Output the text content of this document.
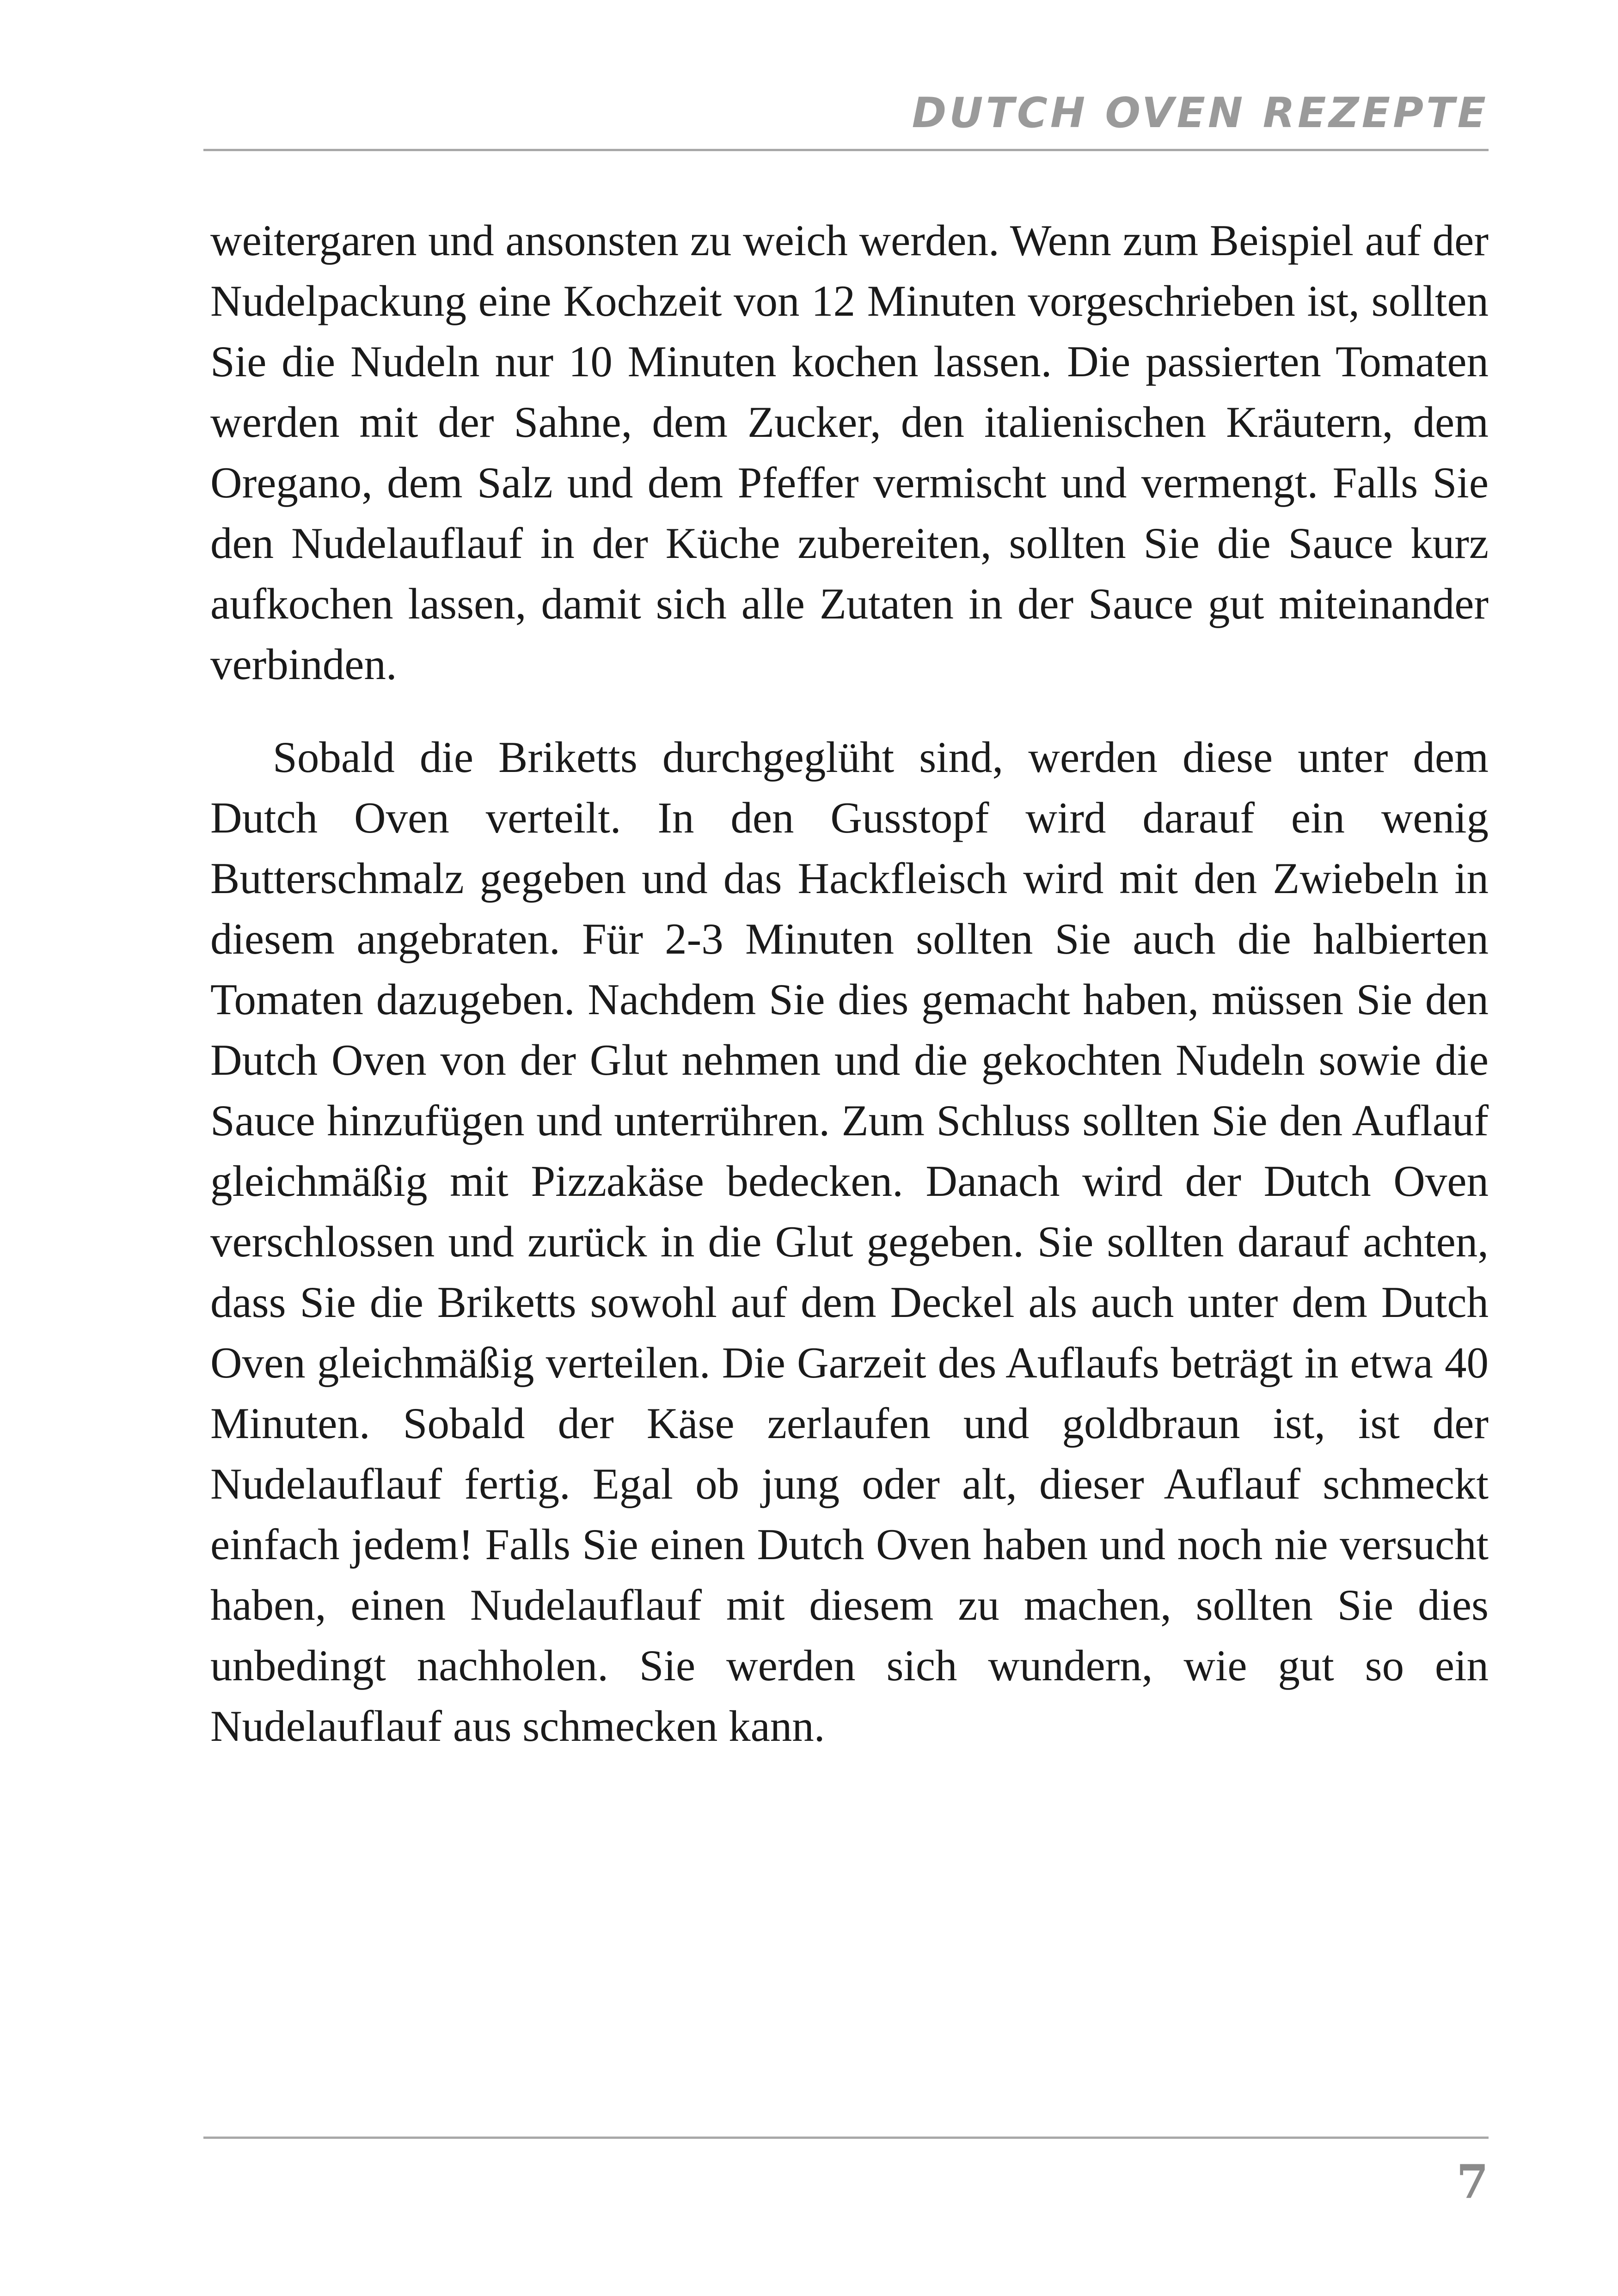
DUTCH OVEN REZEPTE

weitergaren und ansonsten zu weich werden. Wenn zum Beispiel auf der Nudelpackung eine Kochzeit von 12 Minuten vorgeschrieben ist, sollten Sie die Nudeln nur 10 Minuten kochen lassen. Die passierten Tomaten werden mit der Sahne, dem Zucker, den italienischen Kräutern, dem Oregano, dem Salz und dem Pfeffer vermischt und vermengt. Falls Sie den Nudelauflauf in der Küche zubereiten, sollten Sie die Sauce kurz aufkochen lassen, damit sich alle Zutaten in der Sauce gut miteinander verbinden.

Sobald die Briketts durchgeglüht sind, werden diese unter dem Dutch Oven verteilt. In den Gusstopf wird darauf ein wenig Butterschmalz gegeben und das Hackfleisch wird mit den Zwiebeln in diesem angebraten. Für 2-3 Minuten sollten Sie auch die halbierten Tomaten dazugeben. Nachdem Sie dies gemacht haben, müssen Sie den Dutch Oven von der Glut nehmen und die gekochten Nudeln sowie die Sauce hinzufügen und unterrühren. Zum Schluss sollten Sie den Auflauf gleichmäßig mit Pizzakäse bedecken. Danach wird der Dutch Oven verschlossen und zurück in die Glut gegeben. Sie sollten darauf achten, dass Sie die Briketts sowohl auf dem Deckel als auch unter dem Dutch Oven gleichmäßig verteilen. Die Garzeit des Auflaufs beträgt in etwa 40 Minuten. Sobald der Käse zerlaufen und goldbraun ist, ist der Nudelauflauf fertig. Egal ob jung oder alt, dieser Auflauf schmeckt einfach jedem! Falls Sie einen Dutch Oven haben und noch nie versucht haben, einen Nudelauflauf mit diesem zu machen, sollten Sie dies unbedingt nachholen. Sie werden sich wundern, wie gut so ein Nudelauflauf aus schmecken kann.

7
